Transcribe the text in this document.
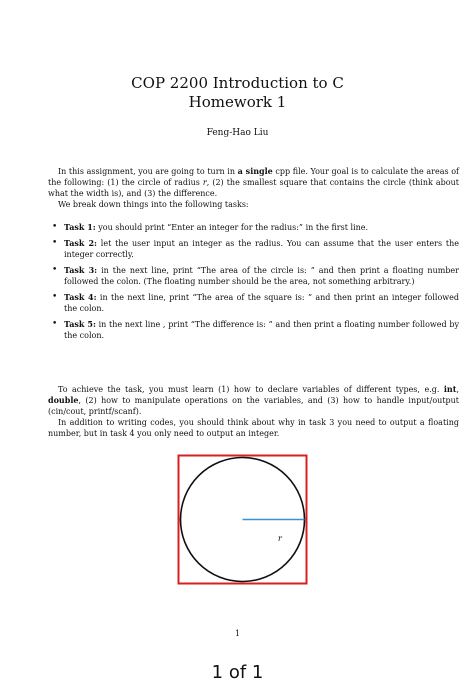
COP 2200 Introduction to C
Homework 1
Feng-Hao Liu

In this assignment, you are going to turn in a single cpp file. Your goal is to calculate the areas of the following: (1) the circle of radius r, (2) the smallest square that contains the circle (think about what the width is), and (3) the difference.

We break down things into the following tasks:

• Task 1: you should print “Enter an integer for the radius:” in the first line.
• Task 2: let the user input an integer as the radius. You can assume that the user enters the integer correctly.
• Task 3: in the next line, print “The area of the circle is: ” and then print a floating number followed the colon. (The floating number should be the area, not something arbitrary.)
• Task 4: in the next line, print “The area of the square is: ” and then print an integer followed the colon.
• Task 5: in the next line , print “The difference is: ” and then print a floating number followed by the colon.

To achieve the task, you must learn (1) how to declare variables of different types, e.g. int, double, (2) how to manipulate operations on the variables, and (3) how to handle input/output (cin/cout, printf/scanf).

In addition to writing codes, you should think about why in task 3 you need to output a floating number, but in task 4 you only need to output an integer.

r
1
1 of 1
